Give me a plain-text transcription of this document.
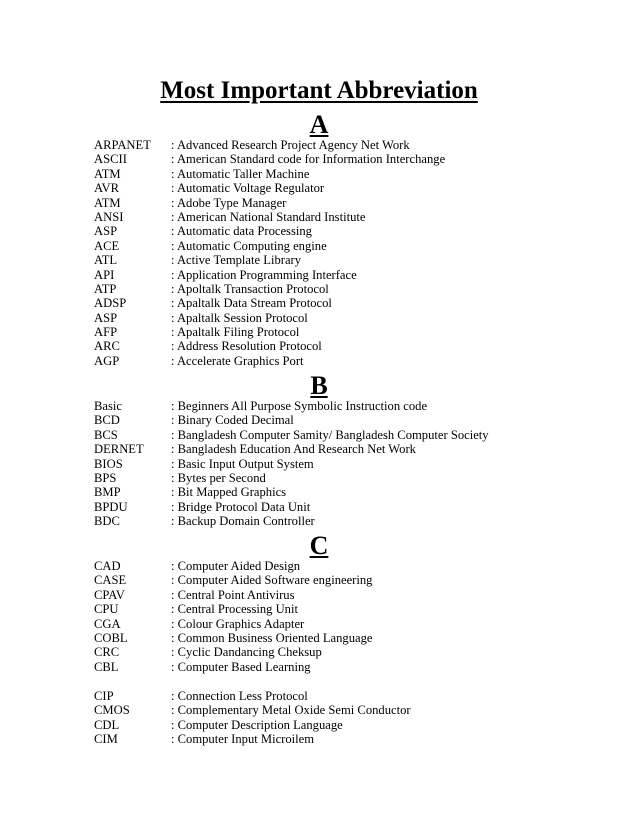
Most Important Abbreviation
A
ARPANET : Advanced Research Project Agency Net Work
ASCII	: American Standard code for Information Interchange
ATM	: Automatic Taller Machine
AVR	: Automatic Voltage Regulator
ATM	: Adobe Type Manager
ANSI	: American National Standard Institute
ASP	: Automatic data Processing
ACE	: Automatic Computing engine
ATL	: Active Template Library
API	: Application Programming Interface
ATP	: Apoltalk Transaction Protocol
ADSP	: Apaltalk Data Stream Protocol
ASP	: Apaltalk Session Protocol
AFP	: Apaltalk Filing Protocol
ARC	: Address Resolution Protocol
AGP	: Accelerate Graphics Port
B
Basic	: Beginners All Purpose Symbolic Instruction code
BCD	: Binary Coded Decimal
BCS	: Bangladesh Computer Samity/ Bangladesh Computer Society
DERNET : Bangladesh Education And Research Net Work
BIOS	: Basic Input Output System
BPS	: Bytes per Second
BMP	: Bit Mapped Graphics
BPDU	: Bridge Protocol Data Unit
BDC	: Backup Domain Controller
C
CAD	: Computer Aided Design
CASE	: Computer Aided Software engineering
CPAV	: Central Point Antivirus
CPU	: Central Processing Unit
CGA	: Colour Graphics Adapter
COBL	: Common Business Oriented Language
CRC	: Cyclic Dandancing Cheksup
CBL	: Computer Based Learning
CIP	: Connection Less Protocol
CMOS	: Complementary Metal Oxide Semi Conductor
CDL	: Computer Description Language
CIM	: Computer Input Microilem
